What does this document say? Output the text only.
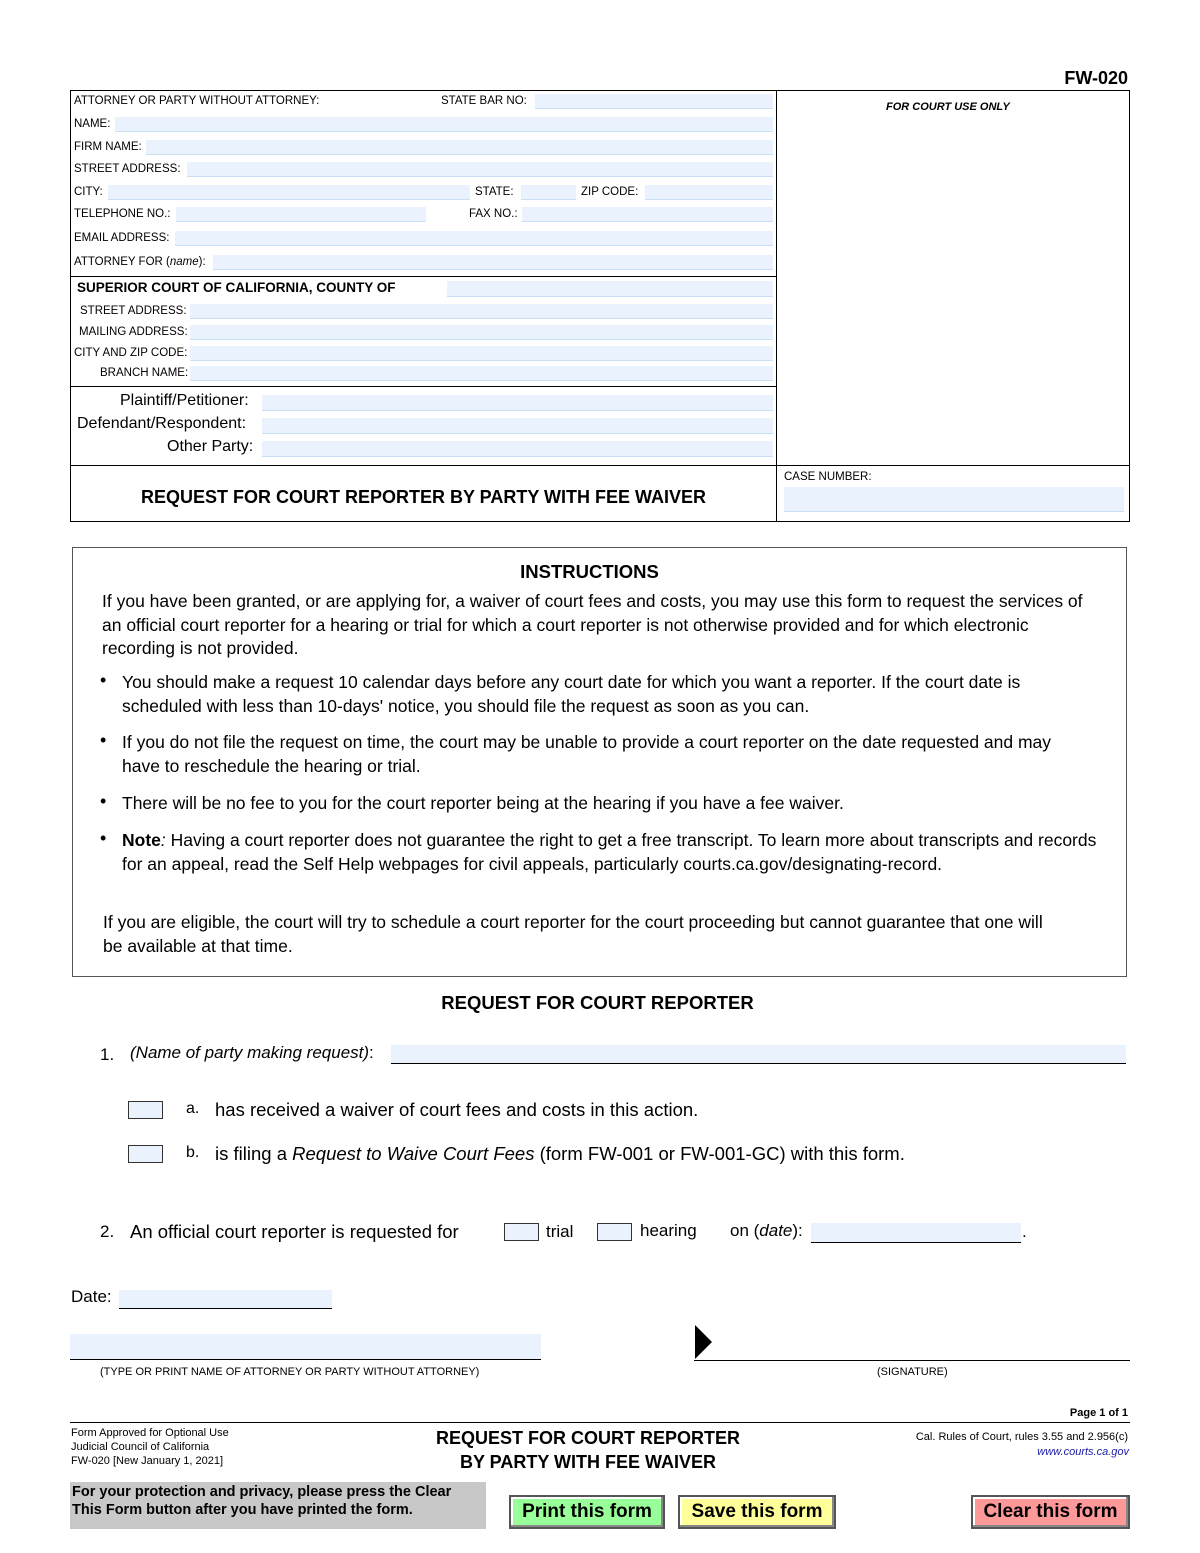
FW-020
ATTORNEY OR PARTY WITHOUT ATTORNEY:	STATE BAR NO:
NAME:
FIRM NAME:
STREET ADDRESS:
CITY:	STATE:	ZIP CODE:
TELEPHONE NO.:	FAX NO.:
EMAIL ADDRESS:
ATTORNEY FOR (name):
FOR COURT USE ONLY
SUPERIOR COURT OF CALIFORNIA, COUNTY OF
STREET ADDRESS:
MAILING ADDRESS:
CITY AND ZIP CODE:
BRANCH NAME:
Plaintiff/Petitioner:
Defendant/Respondent:
Other Party:
REQUEST FOR COURT REPORTER BY PARTY WITH FEE WAIVER
CASE NUMBER:
INSTRUCTIONS
If you have been granted, or are applying for, a waiver of court fees and costs, you may use this form to request the services of an official court reporter for a hearing or trial for which a court reporter is not otherwise provided and for which electronic recording is not provided.
• You should make a request 10 calendar days before any court date for which you want a reporter. If the court date is scheduled with less than 10-days' notice, you should file the request as soon as you can.
• If you do not file the request on time, the court may be unable to provide a court reporter on the date requested and may have to reschedule the hearing or trial.
• There will be no fee to you for the court reporter being at the hearing if you have a fee waiver.
• Note: Having a court reporter does not guarantee the right to get a free transcript. To learn more about transcripts and records for an appeal, read the Self Help webpages for civil appeals, particularly courts.ca.gov/designating-record.
If you are eligible, the court will try to schedule a court reporter for the court proceeding but cannot guarantee that one will be available at that time.
REQUEST FOR COURT REPORTER
1. (Name of party making request):
a. has received a waiver of court fees and costs in this action.
b. is filing a Request to Waive Court Fees (form FW-001 or FW-001-GC) with this form.
2. An official court reporter is requested for	trial	hearing on (date):	.
Date:
(TYPE OR PRINT NAME OF ATTORNEY OR PARTY WITHOUT ATTORNEY)	(SIGNATURE)
Page 1 of 1
Form Approved for Optional Use
Judicial Council of California
FW-020 [New January 1, 2021]
REQUEST FOR COURT REPORTER
BY PARTY WITH FEE WAIVER
Cal. Rules of Court, rules 3.55 and 2.956(c)
www.courts.ca.gov
For your protection and privacy, please press the Clear
This Form button after you have printed the form.	Print this form	Save this form	Clear this form
